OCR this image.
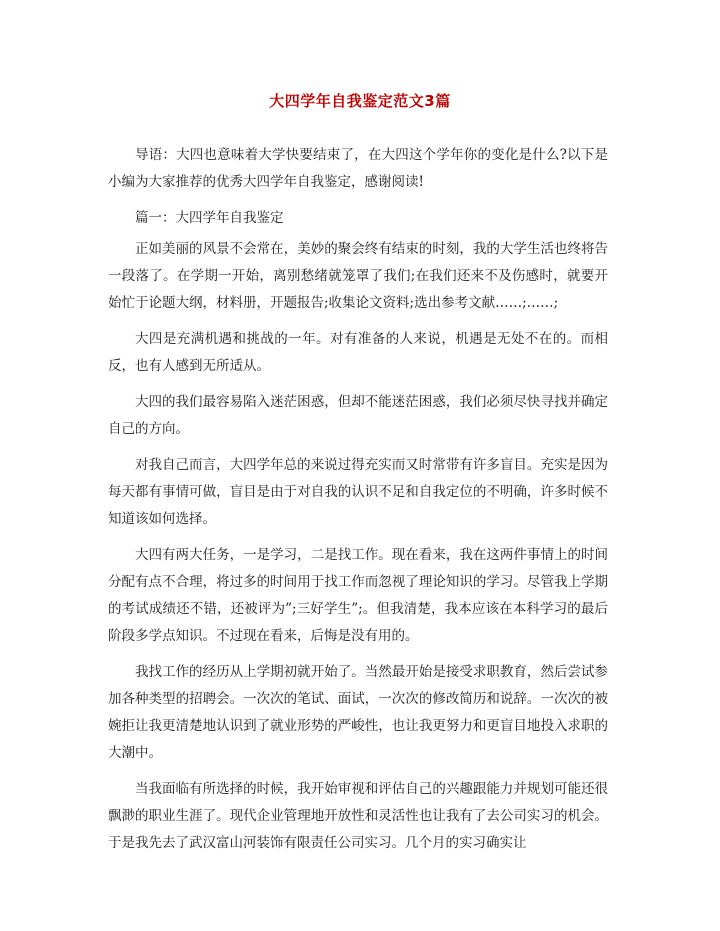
大四学年自我鉴定范文3篇

导语：大四也意味着大学快要结束了，在大四这个学年你的变化是什么?以下是小编为大家推荐的优秀大四学年自我鉴定，感谢阅读!

篇一：大四学年自我鉴定

正如美丽的风景不会常在，美妙的聚会终有结束的时刻，我的大学生活也终将告一段落了。在学期一开始，离别愁绪就笼罩了我们;在我们还来不及伤感时，就要开始忙于论题大纲，材料册，开题报告;收集论文资料;选出参考文献……;……;

大四是充满机遇和挑战的一年。对有准备的人来说，机遇是无处不在的。而相反，也有人感到无所适从。

大四的我们最容易陷入迷茫困惑，但却不能迷茫困惑，我们必须尽快寻找并确定自己的方向。

对我自己而言，大四学年总的来说过得充实而又时常带有许多盲目。充实是因为每天都有事情可做，盲目是由于对自我的认识不足和自我定位的不明确，许多时候不知道该如何选择。

大四有两大任务，一是学习，二是找工作。现在看来，我在这两件事情上的时间分配有点不合理，将过多的时间用于找工作而忽视了理论知识的学习。尽管我上学期的考试成绩还不错，还被评为”;三好学生”;。但我清楚，我本应该在本科学习的最后阶段多学点知识。不过现在看来，后悔是没有用的。

我找工作的经历从上学期初就开始了。当然最开始是接受求职教育，然后尝试参加各种类型的招聘会。一次次的笔试、面试，一次次的修改简历和说辞。一次次的被婉拒让我更清楚地认识到了就业形势的严峻性，也让我更努力和更盲目地投入求职的大潮中。

当我面临有所选择的时候，我开始审视和评估自己的兴趣跟能力并规划可能还很飘渺的职业生涯了。现代企业管理地开放性和灵活性也让我有了去公司实习的机会。于是我先去了武汉富山河装饰有限责任公司实习。几个月的实习确实让
